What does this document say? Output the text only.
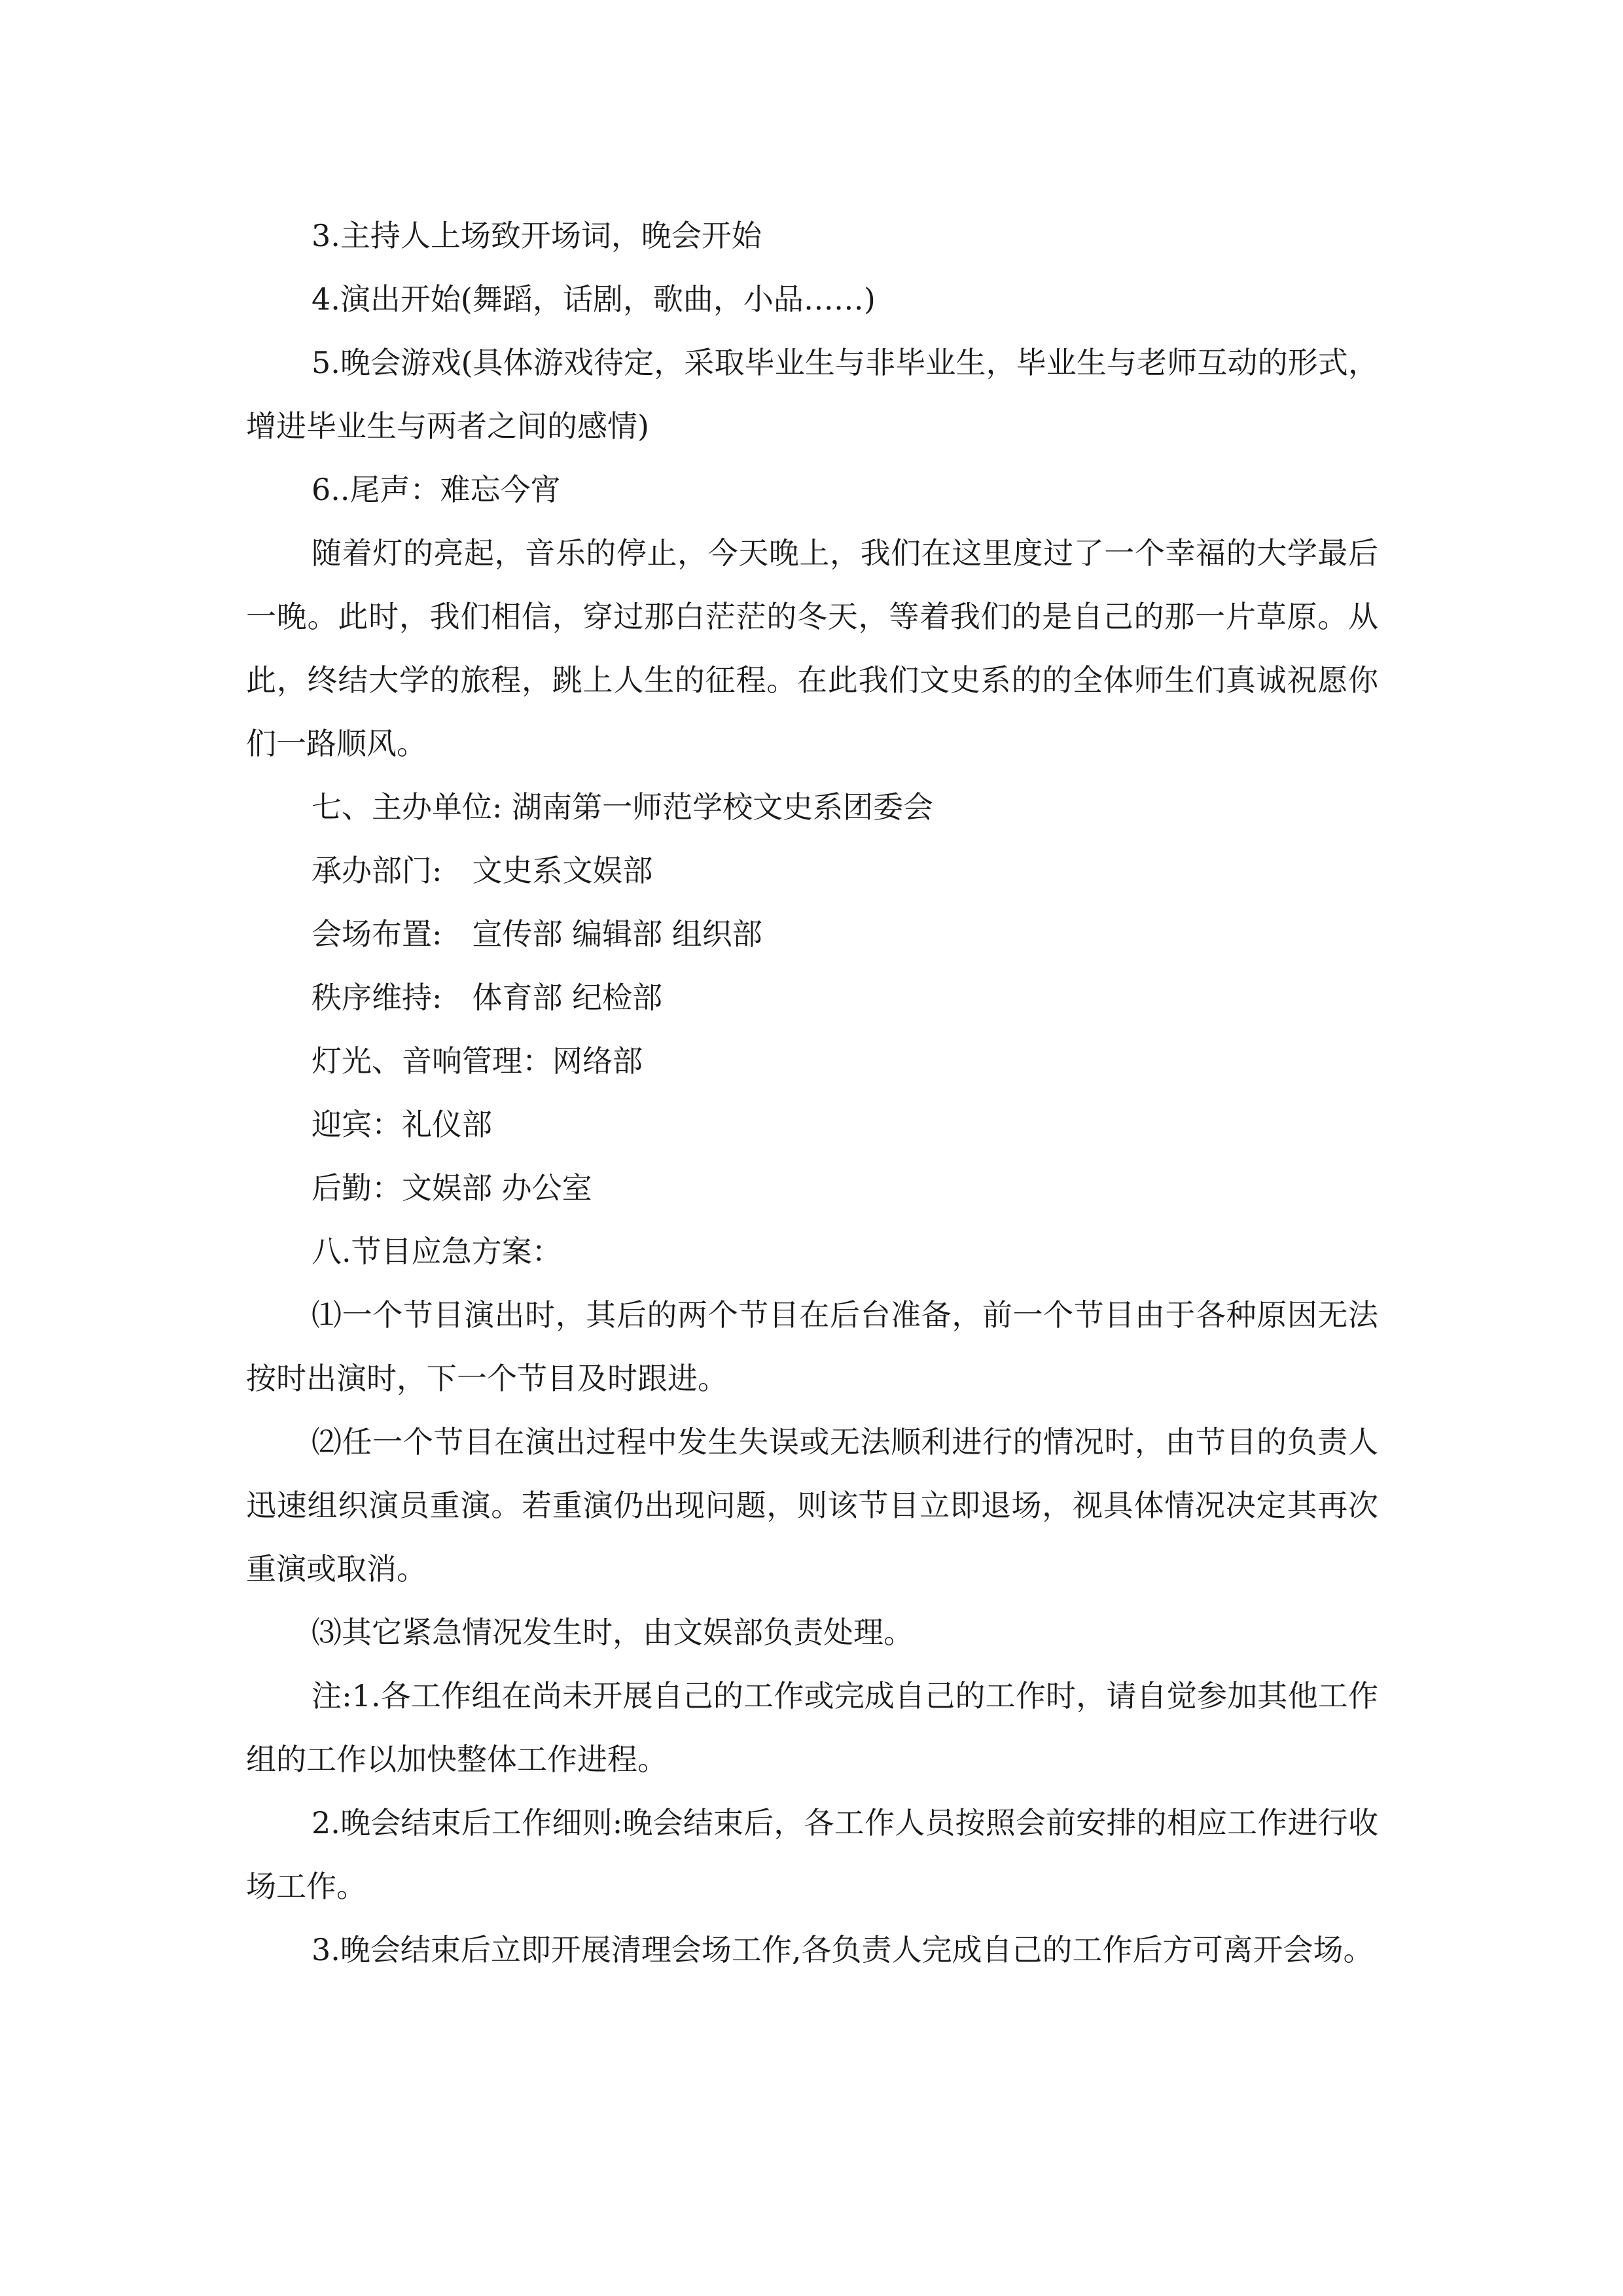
3.主持人上场致开场词，晚会开始

4.演出开始(舞蹈，话剧，歌曲，小品……)

5.晚会游戏(具体游戏待定，采取毕业生与非毕业生，毕业生与老师互动的形式，增进毕业生与两者之间的感情)

6..尾声：难忘今宵

随着灯的亮起，音乐的停止，今天晚上，我们在这里度过了一个幸福的大学最后一晚。此时，我们相信，穿过那白茫茫的冬天，等着我们的是自己的那一片草原。从此，终结大学的旅程，跳上人生的征程。在此我们文史系的的全体师生们真诚祝愿你们一路顺风。

七、主办单位: 湖南第一师范学校文史系团委会

承办部门:　文史系文娱部

会场布置:　宣传部 编辑部 组织部

秩序维持:　体育部 纪检部

灯光、音响管理：网络部

迎宾：礼仪部

后勤：文娱部 办公室

八.节目应急方案：

⑴一个节目演出时，其后的两个节目在后台准备，前一个节目由于各种原因无法按时出演时，下一个节目及时跟进。

⑵任一个节目在演出过程中发生失误或无法顺利进行的情况时，由节目的负责人迅速组织演员重演。若重演仍出现问题，则该节目立即退场，视具体情况决定其再次重演或取消。

⑶其它紧急情况发生时，由文娱部负责处理。

注:1.各工作组在尚未开展自己的工作或完成自己的工作时，请自觉参加其他工作组的工作以加快整体工作进程。

2.晚会结束后工作细则:晚会结束后，各工作人员按照会前安排的相应工作进行收场工作。

3.晚会结束后立即开展清理会场工作,各负责人完成自己的工作后方可离开会场。
